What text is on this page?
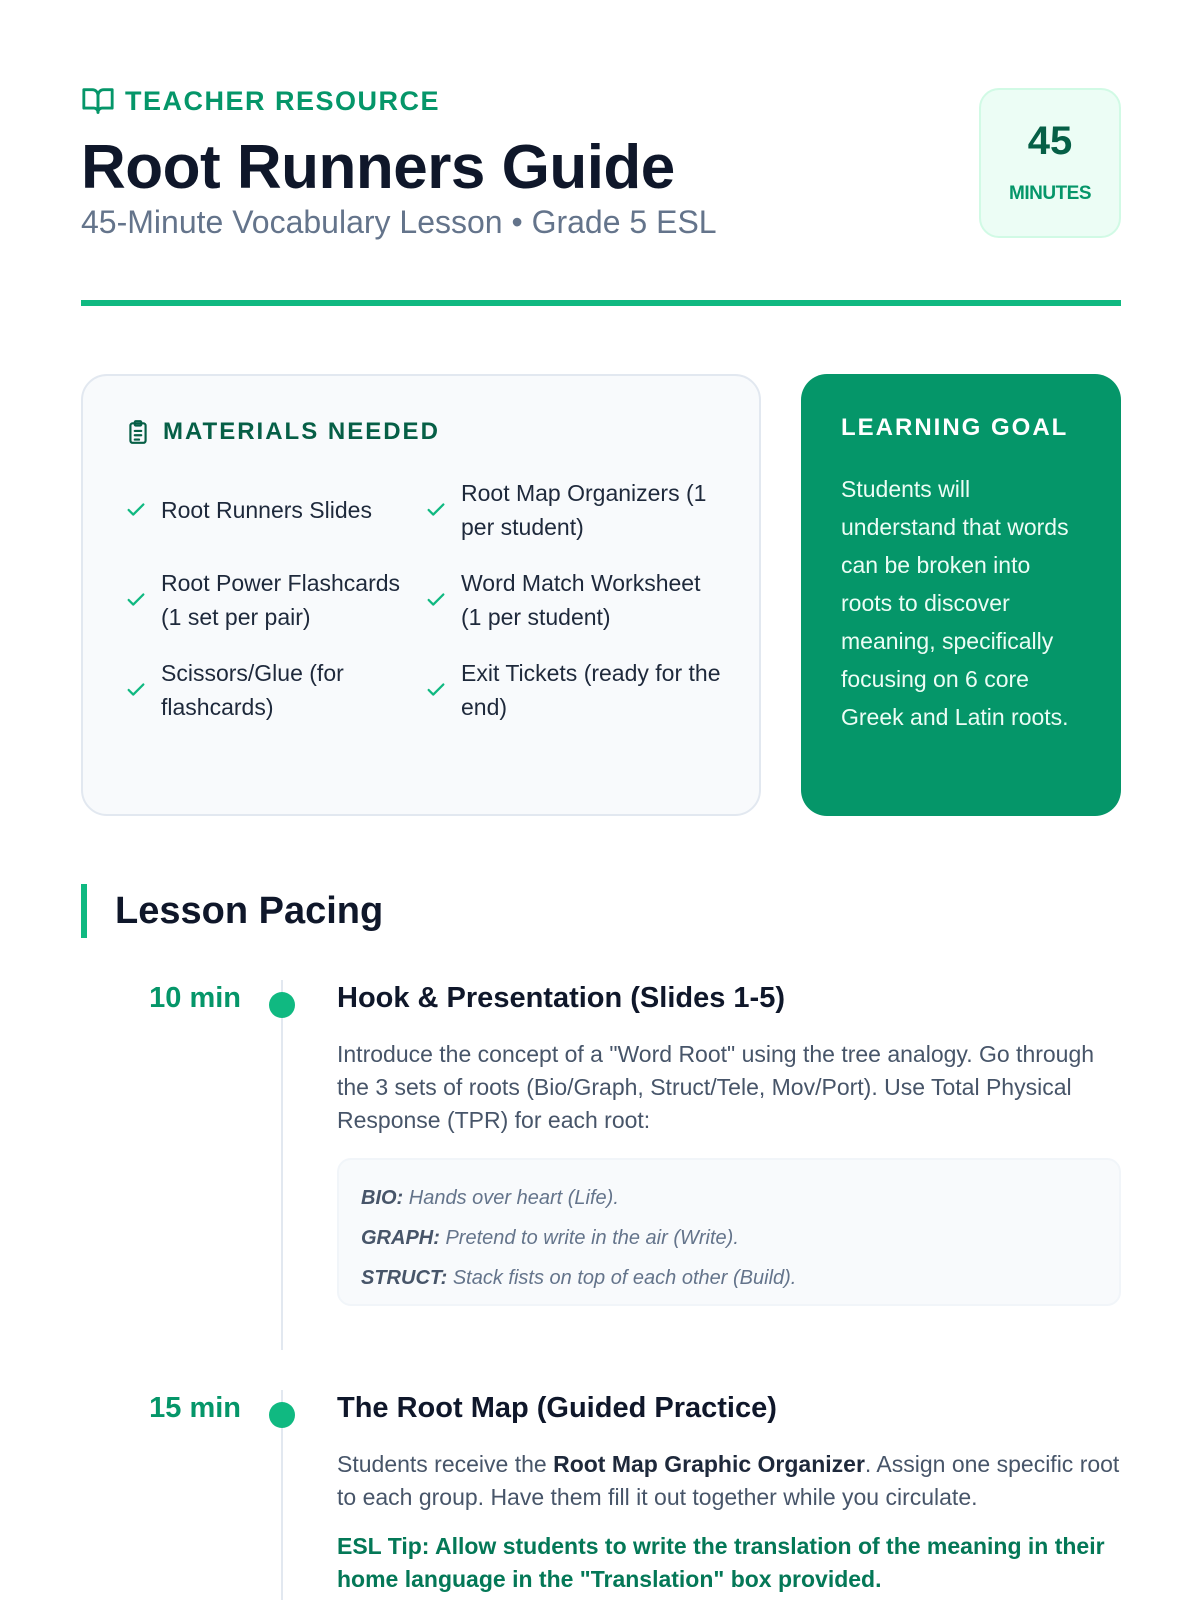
TEACHER RESOURCE
Root Runners Guide
45-Minute Vocabulary Lesson • Grade 5 ESL
45
MINUTES
MATERIALS NEEDED
Root Runners Slides
Root Map Organizers (1 per student)
Root Power Flashcards (1 set per pair)
Word Match Worksheet (1 per student)
Scissors/Glue (for flashcards)
Exit Tickets (ready for the end)
LEARNING GOAL
Students will understand that words can be broken into roots to discover meaning, specifically focusing on 6 core Greek and Latin roots.
Lesson Pacing
10 min	Hook & Presentation (Slides 1-5)
Introduce the concept of a "Word Root" using the tree analogy. Go through the 3 sets of roots (Bio/Graph, Struct/Tele, Mov/Port). Use Total Physical Response (TPR) for each root:
BIO: Hands over heart (Life).
GRAPH: Pretend to write in the air (Write).
STRUCT: Stack fists on top of each other (Build).
15 min	The Root Map (Guided Practice)
Students receive the Root Map Graphic Organizer. Assign one specific root to each group. Have them fill it out together while you circulate.
ESL Tip: Allow students to write the translation of the meaning in their home language in the "Translation" box provided.
